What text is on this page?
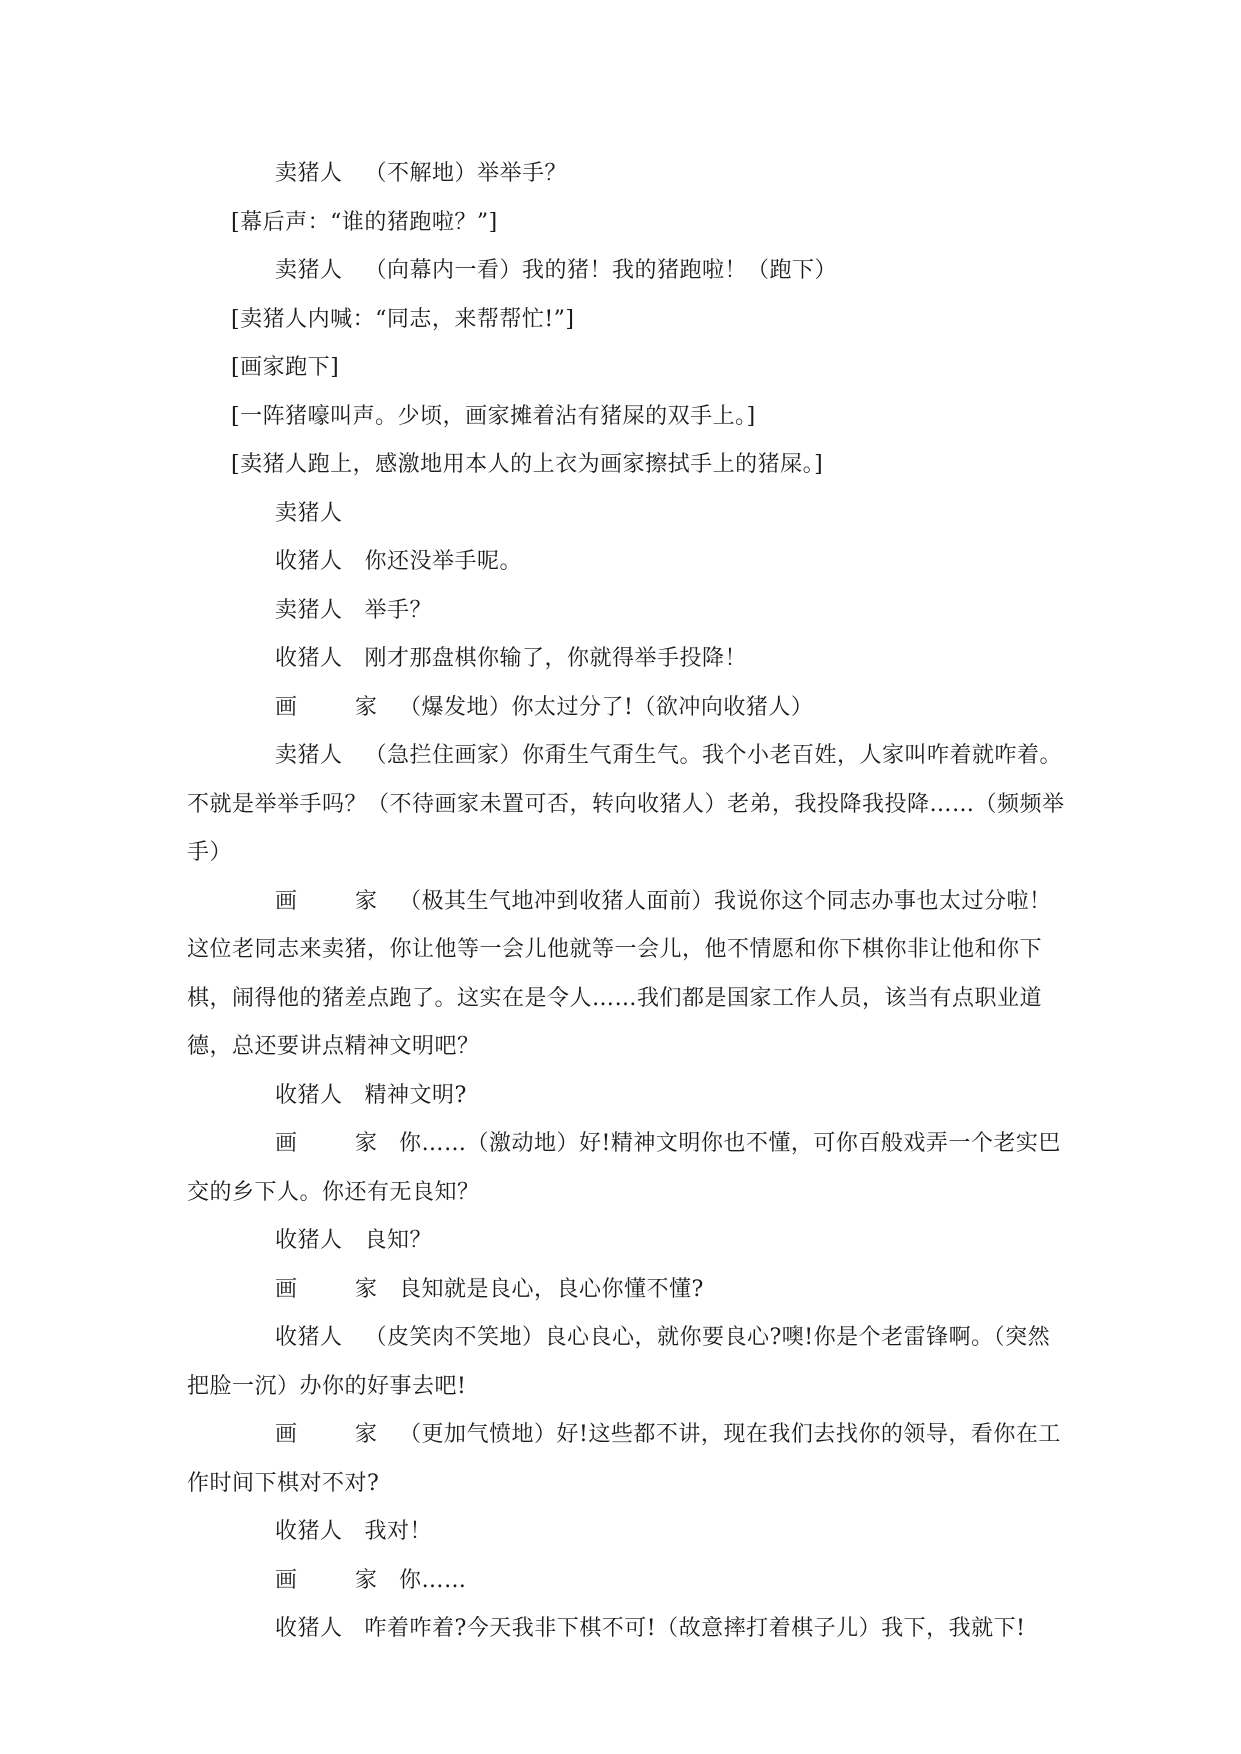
卖猪人 （不解地）举举手？

[幕后声：“谁的猪跑啦？”]

卖猪人 （向幕内一看）我的猪！我的猪跑啦！（跑下）

[卖猪人内喊：“同志，来帮帮忙!”]

[画家跑下]

[一阵猪嚎叫声。少顷，画家摊着沾有猪屎的双手上。]

[卖猪人跑上，感激地用本人的上衣为画家擦拭手上的猪屎。]

卖猪人

收猪人 你还没举手呢。

卖猪人 举手？

收猪人 刚才那盘棋你输了，你就得举手投降！

画　家 （爆发地）你太过分了!（欲冲向收猪人）

卖猪人 （急拦住画家）你甭生气甭生气。我个小老百姓，人家叫咋着就咋着。不就是举举手吗？（不待画家未置可否，转向收猪人）老弟，我投降我投降……（频频举手）

画　家 （极其生气地冲到收猪人面前）我说你这个同志办事也太过分啦！这位老同志来卖猪，你让他等一会儿他就等一会儿，他不情愿和你下棋你非让他和你下棋，闹得他的猪差点跑了。这实在是令人……我们都是国家工作人员，该当有点职业道德，总还要讲点精神文明吧？

收猪人 精神文明?

画　家 你……（激动地）好!精神文明你也不懂，可你百般戏弄一个老实巴交的乡下人。你还有无良知？

收猪人 良知？

画　家 良知就是良心，良心你懂不懂?

收猪人 （皮笑肉不笑地）良心良心，就你要良心?噢!你是个老雷锋啊。（突然把脸一沉）办你的好事去吧!

画　家 （更加气愤地）好!这些都不讲，现在我们去找你的领导，看你在工作时间下棋对不对?

收猪人 我对！

画　家 你……

收猪人 咋着咋着?今天我非下棋不可!（故意摔打着棋子儿）我下，我就下!
